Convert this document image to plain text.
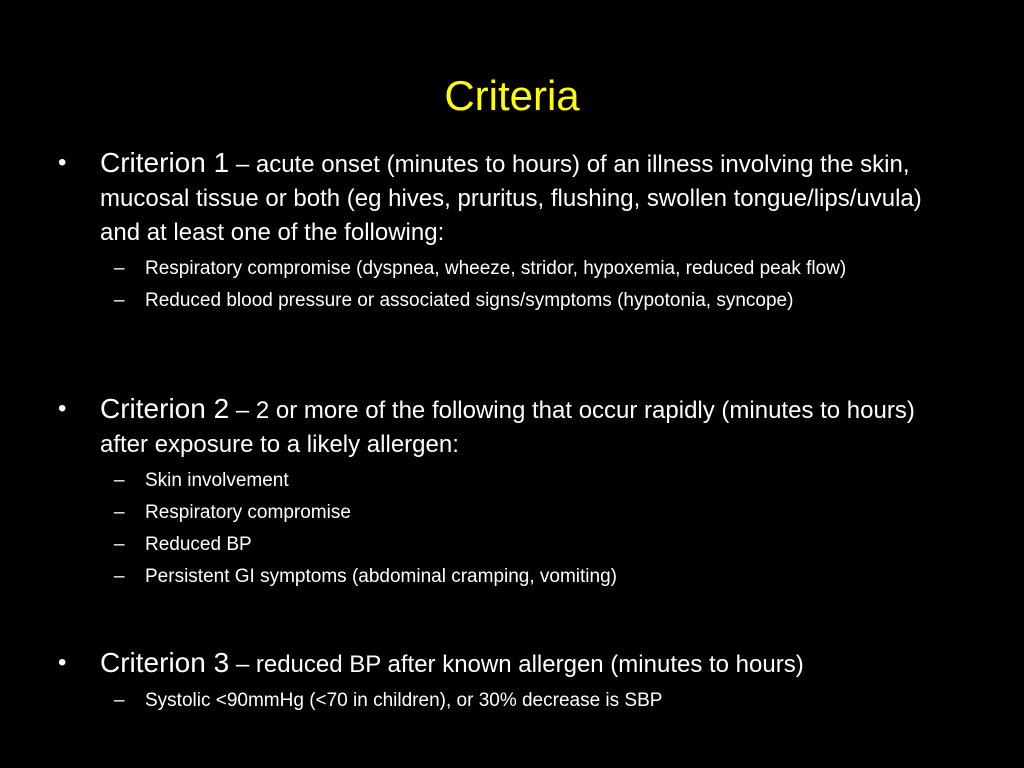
Criteria
• Criterion 1 – acute onset (minutes to hours) of an illness involving the skin, mucosal tissue or both (eg hives, pruritus, flushing, swollen tongue/lips/uvula) and at least one of the following:
– Respiratory compromise (dyspnea, wheeze, stridor, hypoxemia, reduced peak flow)
– Reduced blood pressure or associated signs/symptoms (hypotonia, syncope)
• Criterion 2 – 2 or more of the following that occur rapidly (minutes to hours) after exposure to a likely allergen:
– Skin involvement
– Respiratory compromise
– Reduced BP
– Persistent GI symptoms (abdominal cramping, vomiting)
• Criterion 3 – reduced BP after known allergen (minutes to hours)
– Systolic <90mmHg (<70 in children), or 30% decrease is SBP
